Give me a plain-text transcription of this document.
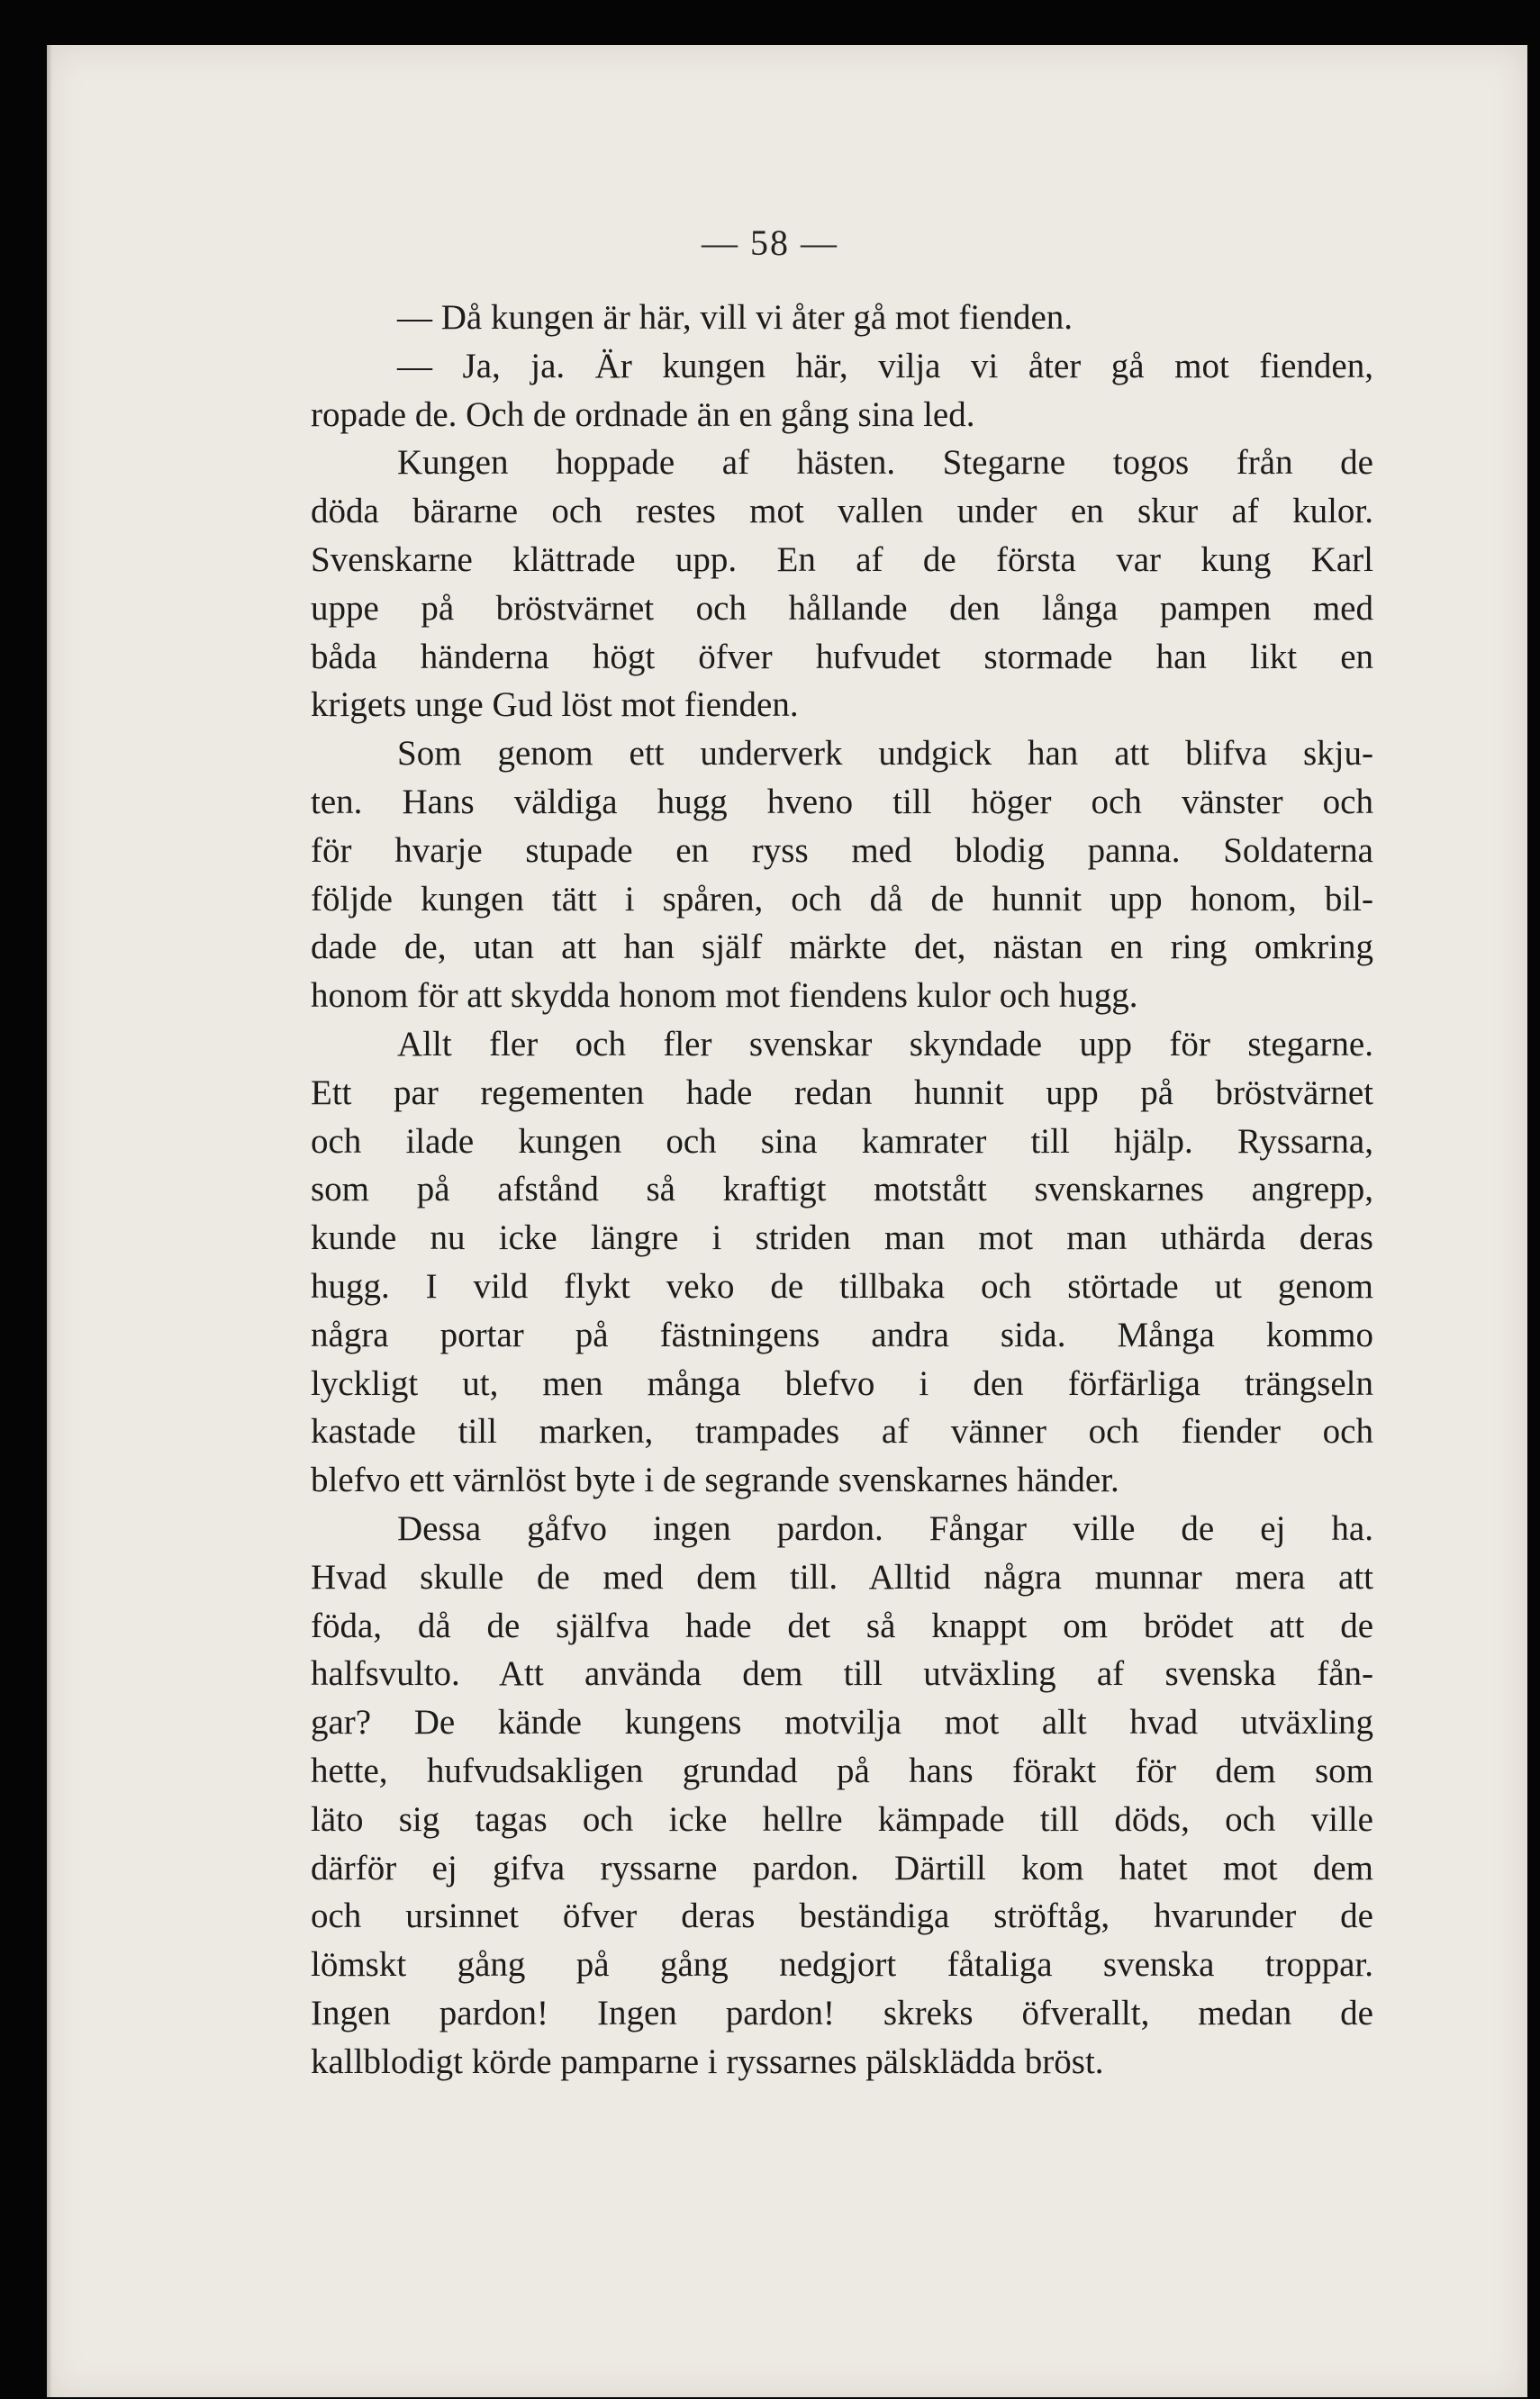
— 58 —
— Då kungen är här, vill vi åter gå mot fienden.
— Ja, ja. Är kungen här, vilja vi åter gå mot fienden,
ropade de. Och de ordnade än en gång sina led.
Kungen hoppade af hästen. Stegarne togos från de
döda bärarne och restes mot vallen under en skur af kulor.
Svenskarne klättrade upp. En af de första var kung Karl
uppe på bröstvärnet och hållande den långa pampen med
båda händerna högt öfver hufvudet stormade han likt en
krigets unge Gud löst mot fienden.
Som genom ett underverk undgick han att blifva skju-
ten. Hans väldiga hugg hveno till höger och vänster och
för hvarje stupade en ryss med blodig panna. Soldaterna
följde kungen tätt i spåren, och då de hunnit upp honom, bil-
dade de, utan att han själf märkte det, nästan en ring omkring
honom för att skydda honom mot fiendens kulor och hugg.
Allt fler och fler svenskar skyndade upp för stegarne.
Ett par regementen hade redan hunnit upp på bröstvärnet
och ilade kungen och sina kamrater till hjälp. Ryssarna,
som på afstånd så kraftigt motstått svenskarnes angrepp,
kunde nu icke längre i striden man mot man uthärda deras
hugg. I vild flykt veko de tillbaka och störtade ut genom
några portar på fästningens andra sida. Många kommo
lyckligt ut, men många blefvo i den förfärliga trängseln
kastade till marken, trampades af vänner och fiender och
blefvo ett värnlöst byte i de segrande svenskarnes händer.
Dessa gåfvo ingen pardon. Fångar ville de ej ha.
Hvad skulle de med dem till. Alltid några munnar mera att
föda, då de själfva hade det så knappt om brödet att de
halfsvulto. Att använda dem till utväxling af svenska fån-
gar? De kände kungens motvilja mot allt hvad utväxling
hette, hufvudsakligen grundad på hans förakt för dem som
läto sig tagas och icke hellre kämpade till döds, och ville
därför ej gifva ryssarne pardon. Därtill kom hatet mot dem
och ursinnet öfver deras beständiga ströftåg, hvarunder de
lömskt gång på gång nedgjort fåtaliga svenska troppar.
Ingen pardon! Ingen pardon! skreks öfverallt, medan de
kallblodigt körde pamparne i ryssarnes pälsklädda bröst.
